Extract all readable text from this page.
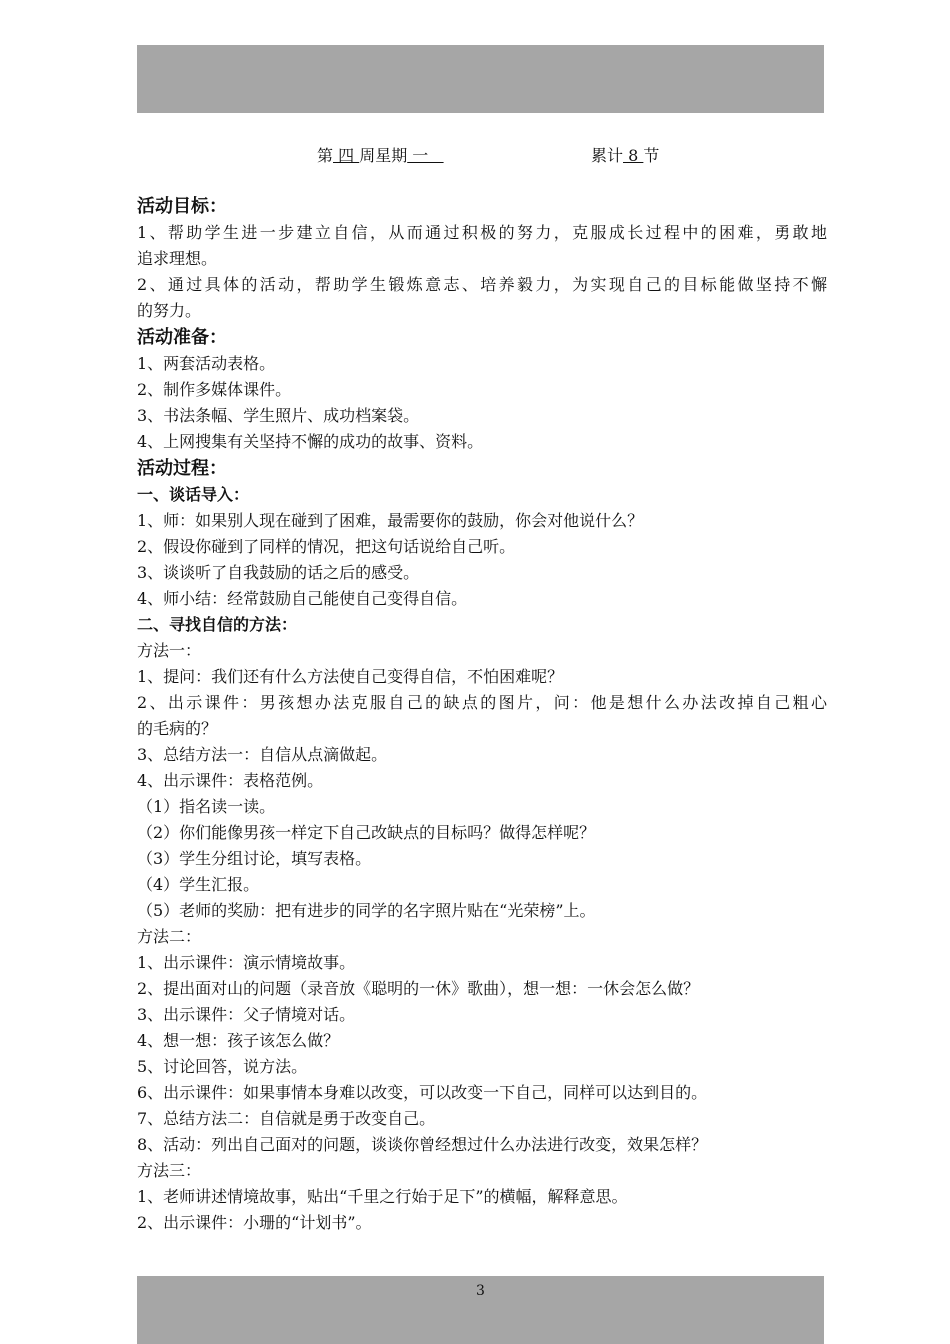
第 四 周星期 一	累计 8 节
活动目标：
1、帮助学生进一步建立自信，从而通过积极的努力，克服成长过程中的困难，勇敢地
追求理想。
2、通过具体的活动，帮助学生锻炼意志、培养毅力，为实现自己的目标能做坚持不懈
的努力。
活动准备：
1、两套活动表格。
2、制作多媒体课件。
3、书法条幅、学生照片、成功档案袋。
4、上网搜集有关坚持不懈的成功的故事、资料。
活动过程：
一、谈话导入：
1、师：如果别人现在碰到了困难，最需要你的鼓励，你会对他说什么？
2、假设你碰到了同样的情况，把这句话说给自己听。
3、谈谈听了自我鼓励的话之后的感受。
4、师小结：经常鼓励自己能使自己变得自信。
二、寻找自信的方法：
方法一：
1、提问：我们还有什么方法使自己变得自信，不怕困难呢？
2、出示课件：男孩想办法克服自己的缺点的图片，问：他是想什么办法改掉自己粗心
的毛病的？
3、总结方法一：自信从点滴做起。
4、出示课件：表格范例。
（1）指名读一读。
（2）你们能像男孩一样定下自己改缺点的目标吗？做得怎样呢？
（3）学生分组讨论，填写表格。
（4）学生汇报。
（5）老师的奖励：把有进步的同学的名字照片贴在“光荣榜”上。
方法二：
1、出示课件：演示情境故事。
2、提出面对山的问题（录音放《聪明的一休》歌曲），想一想：一休会怎么做？
3、出示课件：父子情境对话。
4、想一想：孩子该怎么做？
5、讨论回答，说方法。
6、出示课件：如果事情本身难以改变，可以改变一下自己，同样可以达到目的。
7、总结方法二：自信就是勇于改变自己。
8、活动：列出自己面对的问题，谈谈你曾经想过什么办法进行改变，效果怎样？
方法三：
1、老师讲述情境故事，贴出“千里之行始于足下”的横幅，解释意思。
2、出示课件：小珊的“计划书”。
3
